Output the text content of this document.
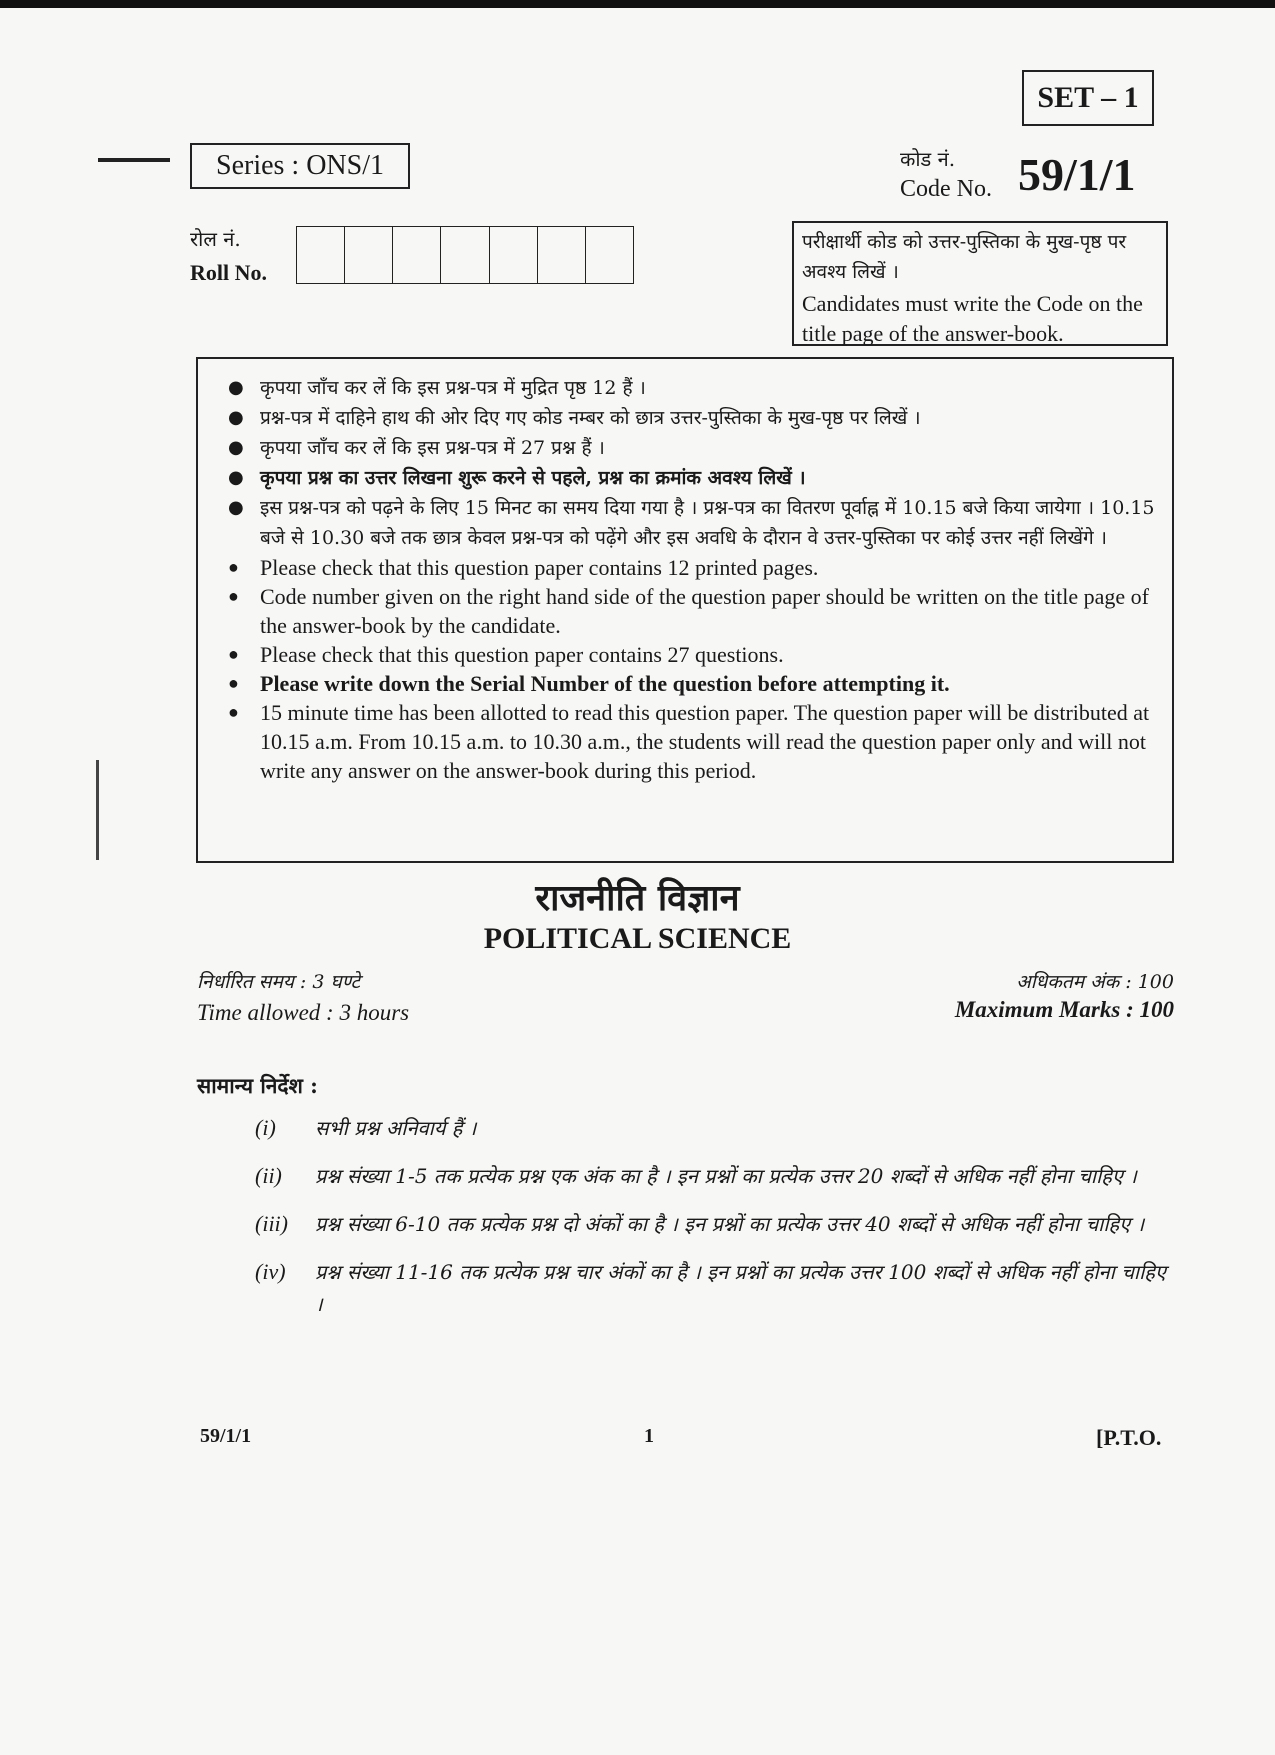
SET – 1
Series : ONS/1	कोड नं.
Code No. 59/1/1
रोल नं.
Roll No.
परीक्षार्थी कोड को उत्तर-पुस्तिका के मुख-पृष्ठ पर अवश्य लिखें ।
Candidates must write the Code on the title page of the answer-book.
● कृपया जाँच कर लें कि इस प्रश्न-पत्र में मुद्रित पृष्ठ 12 हैं ।
● प्रश्न-पत्र में दाहिने हाथ की ओर दिए गए कोड नम्बर को छात्र उत्तर-पुस्तिका के मुख-पृष्ठ पर लिखें ।
● कृपया जाँच कर लें कि इस प्रश्न-पत्र में 27 प्रश्न हैं ।
● कृपया प्रश्न का उत्तर लिखना शुरू करने से पहले, प्रश्न का क्रमांक अवश्य लिखें ।
● इस प्रश्न-पत्र को पढ़ने के लिए 15 मिनट का समय दिया गया है । प्रश्न-पत्र का वितरण पूर्वाह्न में 10.15 बजे किया जायेगा । 10.15 बजे से 10.30 बजे तक छात्र केवल प्रश्न-पत्र को पढ़ेंगे और इस अवधि के दौरान वे उत्तर-पुस्तिका पर कोई उत्तर नहीं लिखेंगे ।
● Please check that this question paper contains 12 printed pages.
● Code number given on the right hand side of the question paper should be written on the title page of the answer-book by the candidate.
● Please check that this question paper contains 27 questions.
● Please write down the Serial Number of the question before attempting it.
● 15 minute time has been allotted to read this question paper. The question paper will be distributed at 10.15 a.m. From 10.15 a.m. to 10.30 a.m., the students will read the question paper only and will not write any answer on the answer-book during this period.
राजनीति विज्ञान
POLITICAL SCIENCE
निर्धारित समय : 3 घण्टे
Time allowed : 3 hours
अधिकतम अंक : 100
Maximum Marks : 100
सामान्य निर्देश :
(i)	सभी प्रश्न अनिवार्य हैं ।
(ii)	प्रश्न संख्या 1-5 तक प्रत्येक प्रश्न एक अंक का है । इन प्रश्नों का प्रत्येक उत्तर 20 शब्दों से अधिक नहीं होना चाहिए ।
(iii)	प्रश्न संख्या 6-10 तक प्रत्येक प्रश्न दो अंकों का है । इन प्रश्नों का प्रत्येक उत्तर 40 शब्दों से अधिक नहीं होना चाहिए ।
(iv)	प्रश्न संख्या 11-16 तक प्रत्येक प्रश्न चार अंकों का है । इन प्रश्नों का प्रत्येक उत्तर 100 शब्दों से अधिक नहीं होना चाहिए ।
59/1/1	1	[P.T.O.
